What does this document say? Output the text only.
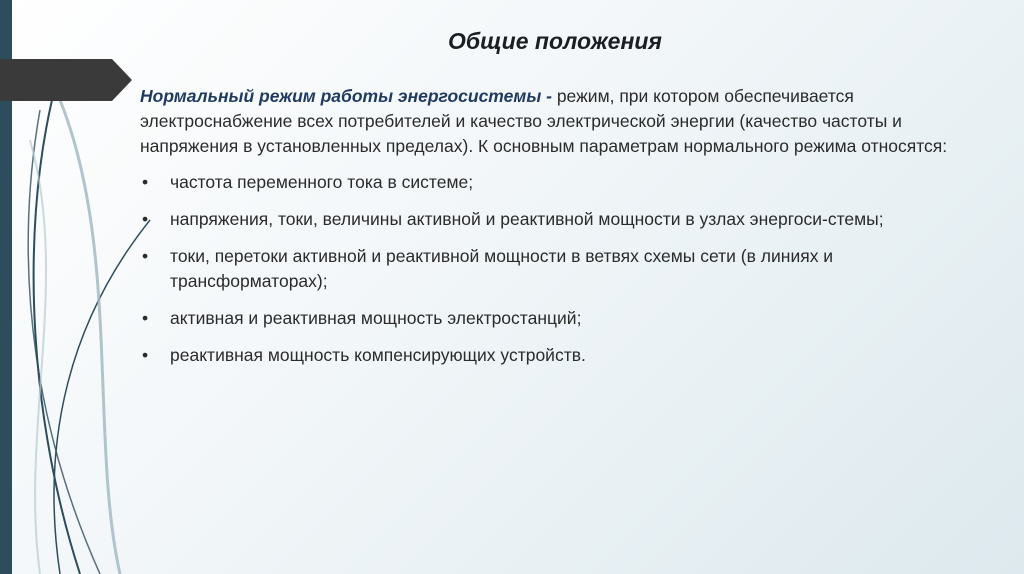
Общие положения

Нормальный режим работы энергосистемы - режим, при котором обеспечивается электроснабжение всех потребителей и качество электрической энергии (качество частоты и напряжения в установленных пределах). К основным параметрам нормального режима относятся:

• частота переменного тока в системе;
• напряжения, токи, величины активной и реактивной мощности в узлах энергоси-стемы;
• токи, перетоки активной и реактивной мощности в ветвях схемы сети (в линиях и трансформаторах);
• активная и реактивная мощность электростанций;
• реактивная мощность компенсирующих устройств.
